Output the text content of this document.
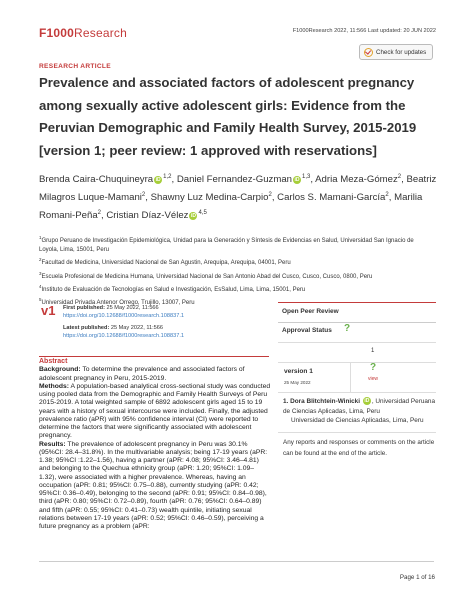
F1000Research	F1000Research 2022, 11:566 Last updated: 20 JUN 2022
Check for updates
RESEARCH ARTICLE
Prevalence and associated factors of adolescent pregnancy among sexually active adolescent girls: Evidence from the Peruvian Demographic and Family Health Survey, 2015-2019 [version 1; peer review: 1 approved with reservations]
Brenda Caira-Chuquineyra iD $^{1,2}$, Daniel Fernandez-Guzman iD $^{1,3}$, Adria Meza-Gómez$^2$, Beatriz Milagros Luque-Mamani$^2$, Shawny Luz Medina-Carpio$^2$, Carlos S. Mamani-García$^2$, Marilia Romani-Peña$^2$, Cristian Díaz-Vélez iD $^{4,5}$

$^1$Grupo Peruano de Investigación Epidemiológica, Unidad para la Generación y Síntesis de Evidencias en Salud, Universidad San Ignacio de Loyola, Lima, 15001, Peru

$^2$Facultad de Medicina, Universidad Nacional de San Agustin, Arequipa, Arequipa, 04001, Peru

$^3$Escuela Profesional de Medicina Humana, Universidad Nacional de San Antonio Abad del Cusco, Cusco, Cusco, 0800, Peru

$^4$Instituto de Evaluación de Tecnologías en Salud e Investigación, EsSalud, Lima, Lima, 15001, Peru

$^5$Universidad Privada Antenor Orrego, Trujillo, 13007, Peru

v1 First published: 25 May 2022, 11:566
https://doi.org/10.12688/f1000research.108837.1

Latest published: 25 May 2022, 11:566
https://doi.org/10.12688/f1000research.108837.1

Abstract

Background: To determine the prevalence and associated factors of adolescent pregnancy in Peru, 2015-2019.

Methods: A population-based analytical cross-sectional study was conducted using pooled data from the Demographic and Family Health Surveys of Peru 2015-2019. A total weighted sample of 6892 adolescent girls aged 15 to 19 years with a history of sexual intercourse were included. Finally, the adjusted prevalence ratio (aPR) with 95% confidence interval (CI) were reported to determine the factors that were significantly associated with adolescent pregnancy.

Results: The prevalence of adolescent pregnancy in Peru was 30.1% (95%CI: 28.4–31.8%). In the multivariable analysis; being 17-19 years (aPR: 1.38; 95%CI :1.22–1.56), having a partner (aPR: 4.08; 95%CI: 3.46–4.81) and belonging to the Quechua ethnicity group (aPR: 1.20; 95%CI: 1.09–1.32), were associated with a higher prevalence. Whereas, having an occupation (aPR: 0.81; 95%CI: 0.75–0.88), currently studying (aPR: 0.42; 95%CI: 0.36–0.49), belonging to the second (aPR: 0.91; 95%CI: 0.84–0.98), third (aPR: 0.80; 95%CI: 0.72–0.89), fourth (aPR: 0.76; 95%CI: 0.64–0.89) and fifth (aPR: 0.55; 95%CI: 0.41–0.73) wealth quintile, initiating sexual relations between 17-19 years (aPR: 0.52; 95%CI: 0.46–0.59), perceiving a future pregnancy as a problem (aPR:

Open Peer Review
Approval Status ?
1
version 1
25 May 2022
?
view

1. Dora Blitchtein-Winicki iD , Universidad Peruana de Ciencias Aplicadas, Lima, Peru

Universidad de Ciencias Aplicadas, Lima, Peru

Any reports and responses or comments on the article can be found at the end of the article.
Page 1 of 16
